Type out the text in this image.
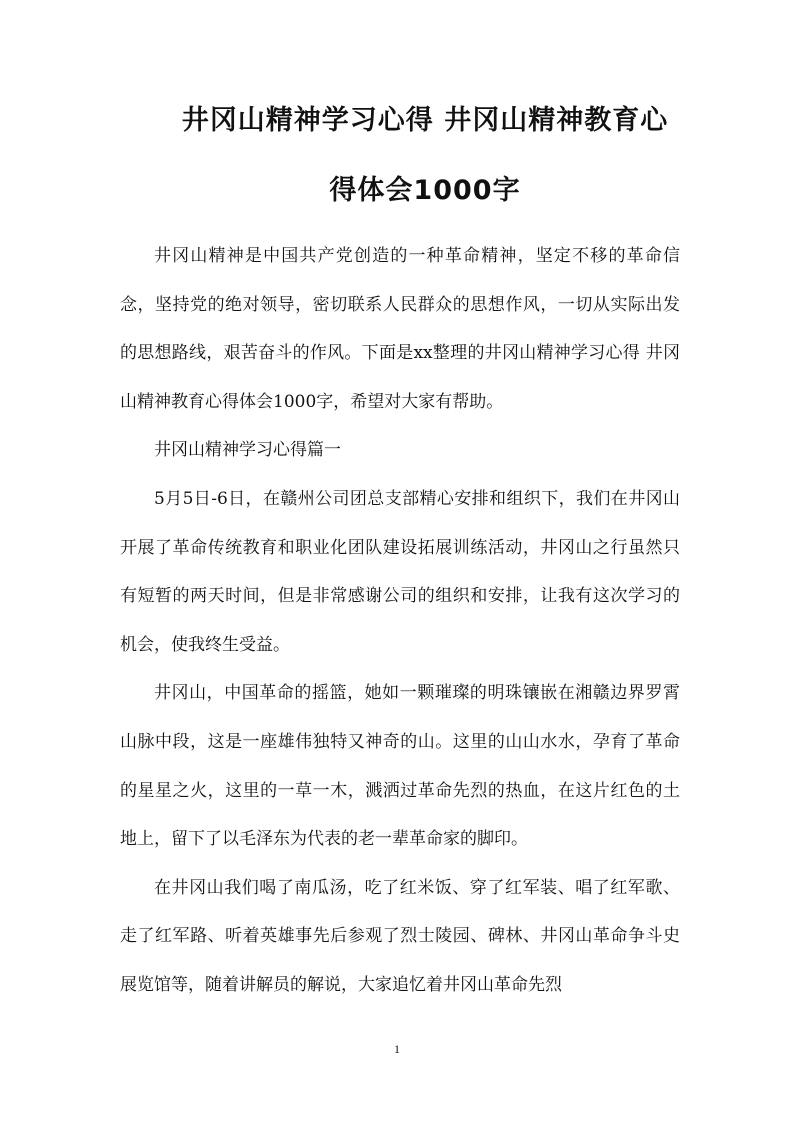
井冈山精神学习心得 井冈山精神教育心
得体会1000字

井冈山精神是中国共产党创造的一种革命精神，坚定不移的革命信念，坚持党的绝对领导，密切联系人民群众的思想作风，一切从实际出发的思想路线，艰苦奋斗的作风。下面是xx整理的井冈山精神学习心得 井冈山精神教育心得体会1000字，希望对大家有帮助。

井冈山精神学习心得篇一

5月5日-6日，在赣州公司团总支部精心安排和组织下，我们在井冈山开展了革命传统教育和职业化团队建设拓展训练活动，井冈山之行虽然只有短暂的两天时间，但是非常感谢公司的组织和安排，让我有这次学习的机会，使我终生受益。

井冈山，中国革命的摇篮，她如一颗璀璨的明珠镶嵌在湘赣边界罗霄山脉中段，这是一座雄伟独特又神奇的山。这里的山山水水，孕育了革命的星星之火，这里的一草一木，溅洒过革命先烈的热血，在这片红色的土地上，留下了以毛泽东为代表的老一辈革命家的脚印。

在井冈山我们喝了南瓜汤，吃了红米饭、穿了红军装、唱了红军歌、走了红军路、听着英雄事先后参观了烈士陵园、碑林、井冈山革命争斗史展览馆等，随着讲解员的解说，大家追忆着井冈山革命先烈

1
